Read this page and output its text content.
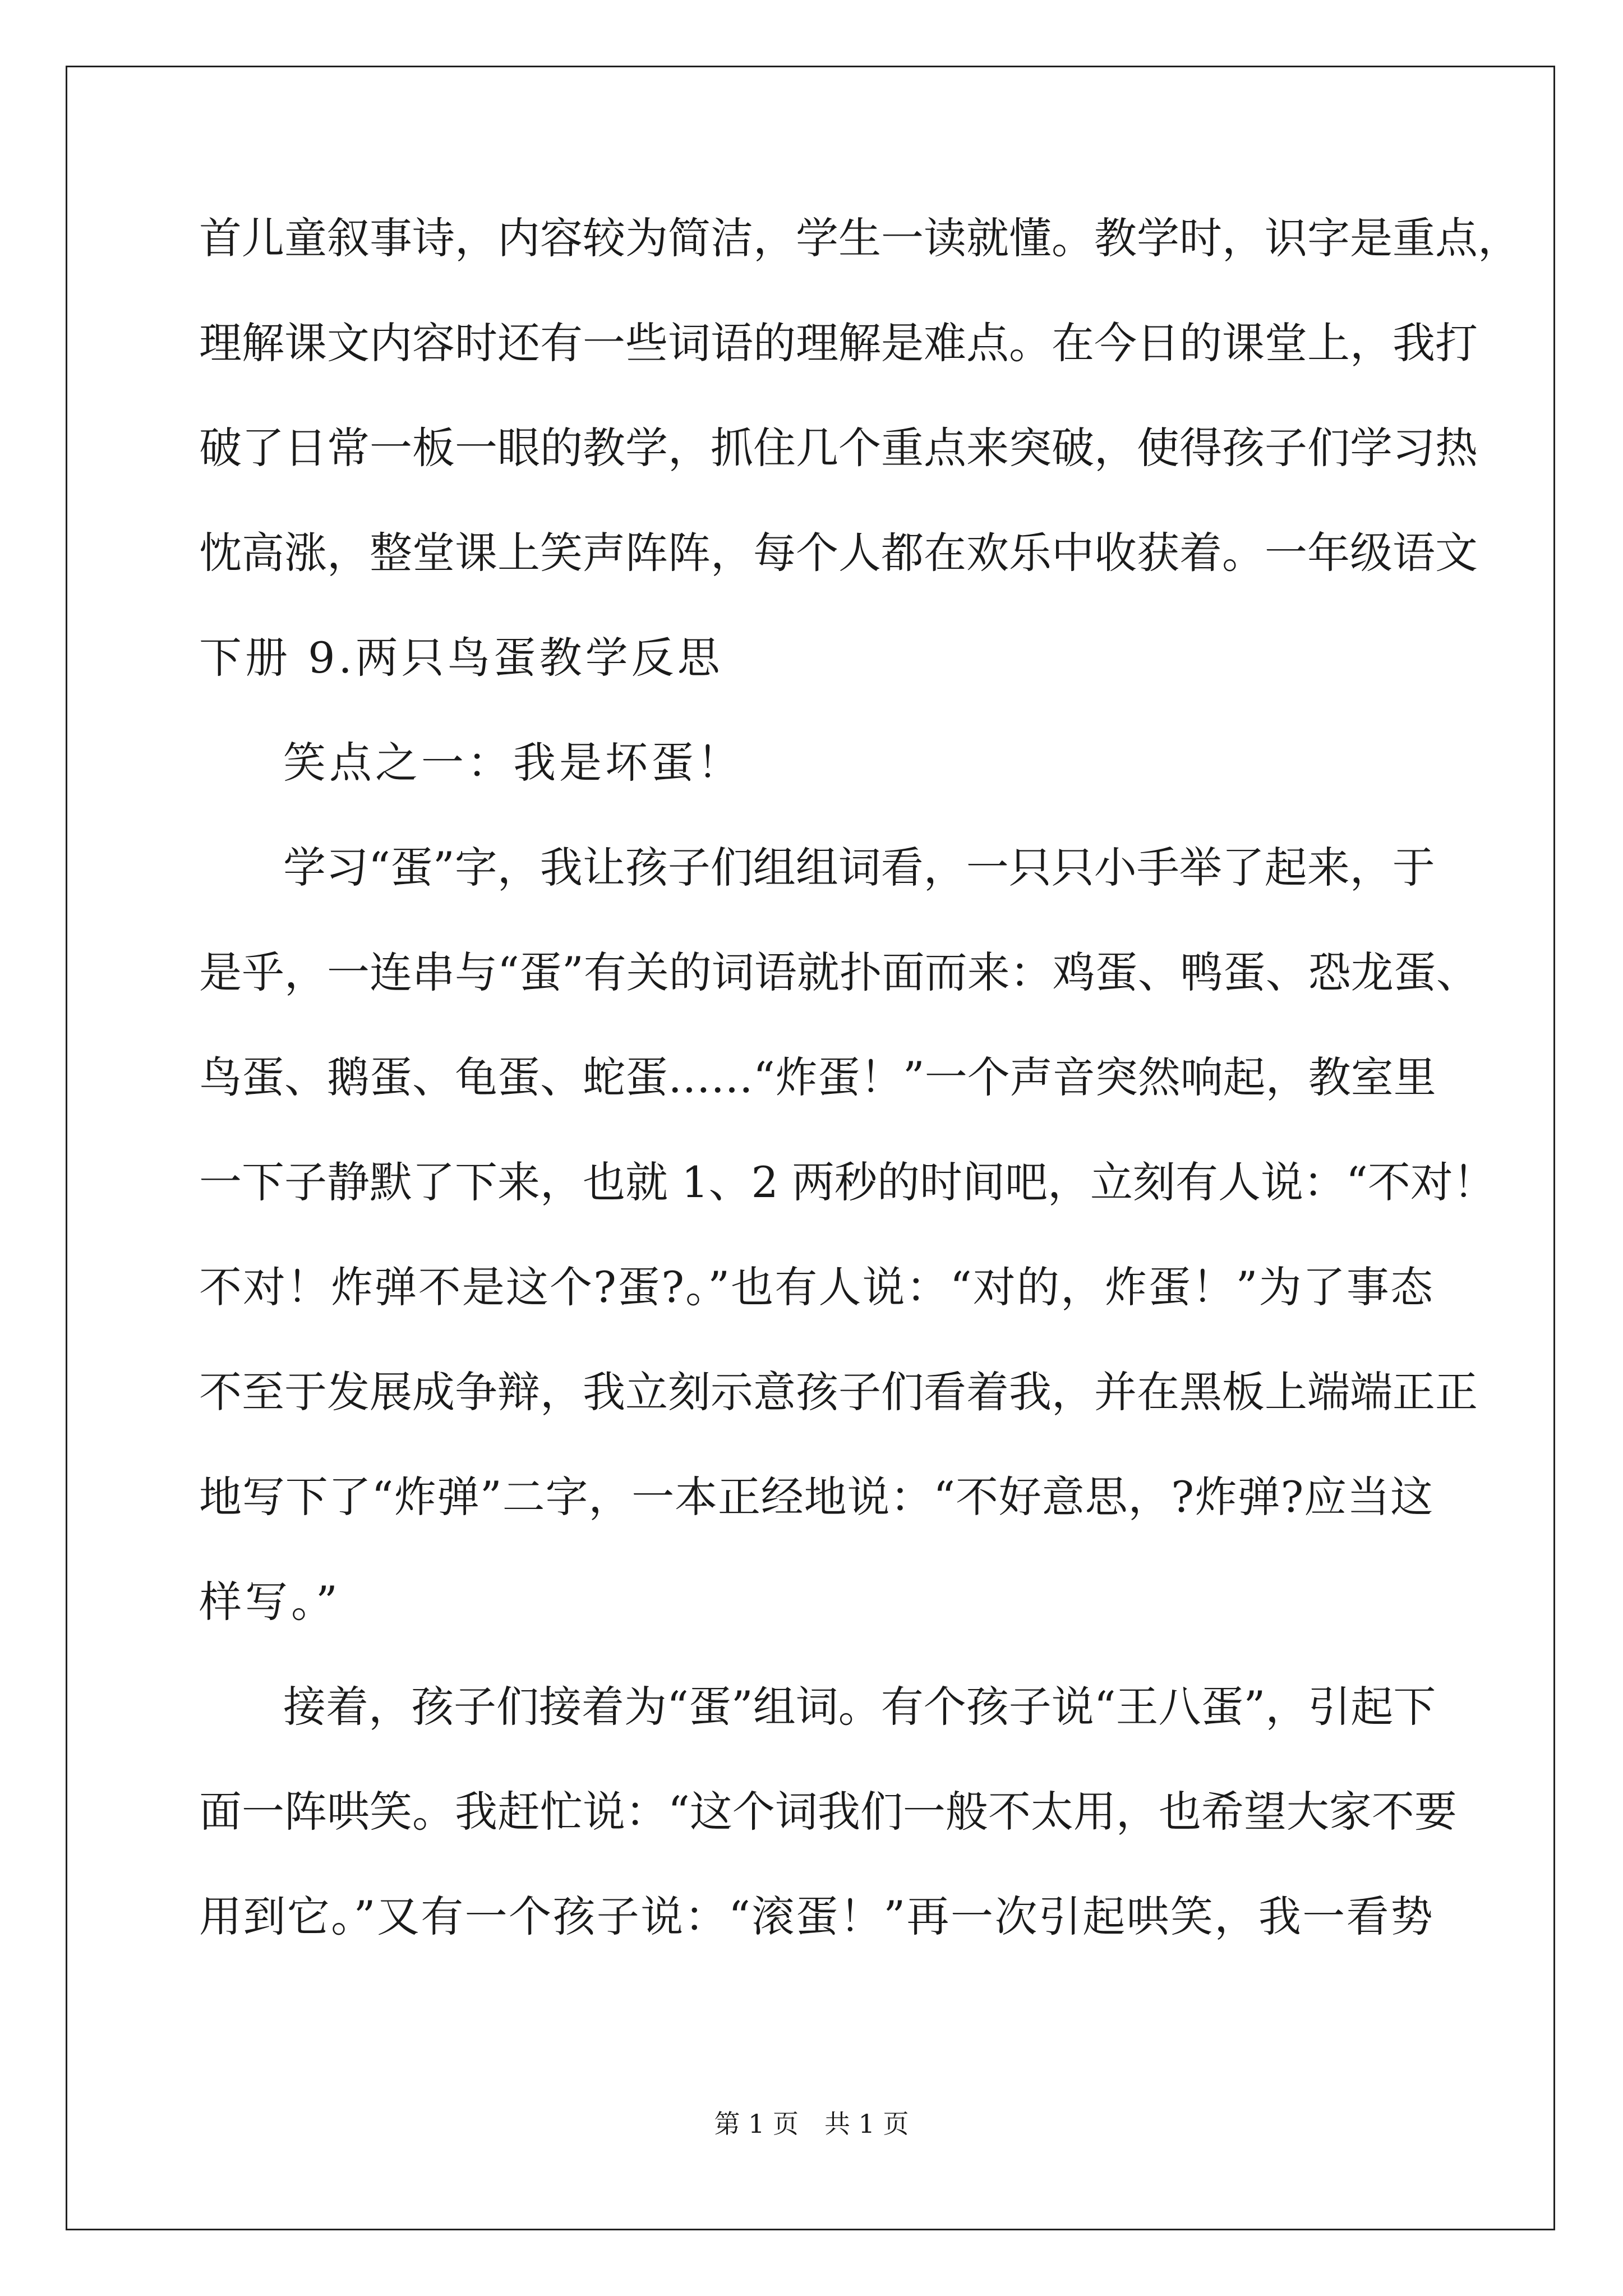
首儿童叙事诗，内容较为简洁，学生一读就懂。教学时，识字是重点，
理解课文内容时还有一些词语的理解是难点。在今日的课堂上，我打
破了日常一板一眼的教学，抓住几个重点来突破，使得孩子们学习热
忱高涨，整堂课上笑声阵阵，每个人都在欢乐中收获着。一年级语文
下册 9.两只鸟蛋教学反思
笑点之一：我是坏蛋！
学习“蛋”字，我让孩子们组组词看，一只只小手举了起来，于
是乎，一连串与“蛋”有关的词语就扑面而来：鸡蛋、鸭蛋、恐龙蛋、
鸟蛋、鹅蛋、龟蛋、蛇蛋……“炸蛋！”一个声音突然响起，教室里
一下子静默了下来，也就 1、2 两秒的时间吧，立刻有人说：“不对！
不对！炸弹不是这个?蛋?。”也有人说：“对的，炸蛋！”为了事态
不至于发展成争辩，我立刻示意孩子们看着我，并在黑板上端端正正
地写下了“炸弹”二字，一本正经地说：“不好意思，?炸弹?应当这
样写。”
接着，孩子们接着为“蛋”组词。有个孩子说“王八蛋”，引起下
面一阵哄笑。我赶忙说：“这个词我们一般不太用，也希望大家不要
用到它。”又有一个孩子说：“滚蛋！”再一次引起哄笑，我一看势
第 1 页　共 1 页
